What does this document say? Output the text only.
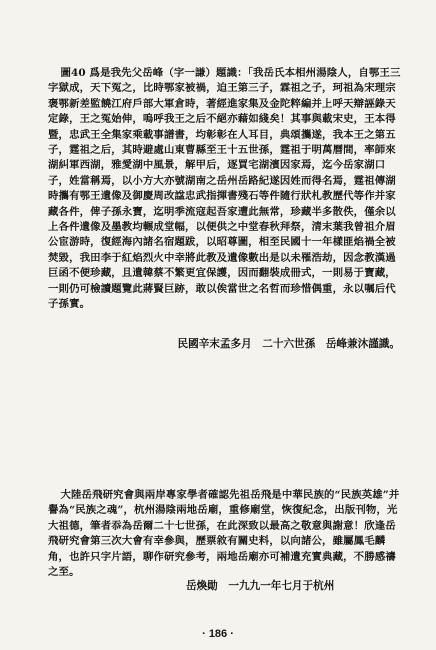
圖40 爲是我先父岳峰（字一謙）題識：「我岳氏本相州湯陰人，自鄂王三字獄成，天下冤之，比時鄂家被禍，迫王第三子，霖祖之子，珂祖為宋理宗褒鄂新差監饒江府戶部大軍倉時，著經進家集及金陀粹編并上呼天辯誣錄天定錄，王之冤始伸，嗚呼我王之后不絕亦藉如綫矣！其事與載宋史，王本得暨，忠武王全集家乘載事譜書，均彰彰在人耳目，典頌攜遂，我本王之第五子，霆祖之后，其時避處山東曹縣至王十五世孫，霆祖于明萬曆間，率師來湖糾軍西湖，雅愛湖中風景，解甲后，逐買宅湖濱因家焉，迄今岳家湖口子，姓當稱焉，以小方大亦號湖南之岳州岳路紀遂因姓而得名焉，霆祖傳湖時攜有鄂王遺像及御慶周改諡忠武指揮書殘石等件隨行狀札教歷代等作并家藏各件，俾子孫永寶，迄明季流寇起吾家遭此無常，珍藏半多散佚，僅余以上各件遺像及墨教均輾成堂幅，以便供之中堂春秋拜祭，清末葉我曾祖介眉公宦游時，復經海內諸名宿題跋，以昭尊圖，相至民國十一年樣匪焰禍全被焚毀，我田李于紅焰烈火中幸將此教及遺像數出是以未罹浩劫，因念教漢過巨函不便珍藏，且遺韓蔡不繁更宜保護，因而翻裝成冊式，一則易于寶藏，一則仍可檢讀題覽此蔣賢巨跡，敢以俟當世之名哲而珍惜偶重，永以嘱后代子孫實。

民國辛末孟多月　二十六世孫　岳峰兼沐謹識。

大陸岳飛研究會與兩岸專家學者確認先祖岳飛是中華民族的“民族英雄”并譽為“民族之魂”，杭州湯陰兩地岳廟，重修廟堂，恢復紀念，出版刊物，光大祖德，筆者忝為岳爾二十七世孫，在此深致以最高之敬意與謝意！欣逢岳飛研究會第三次大會有幸參與，歷票敘有關史料，以向諸公，雖屬鳳毛麟角，也許只字片語，聊作研究參考，兩地岳廟亦可補遺充實典藏，不勝感禱之至。

岳煥勛　一九九一年七月于杭州
· 186 ·
